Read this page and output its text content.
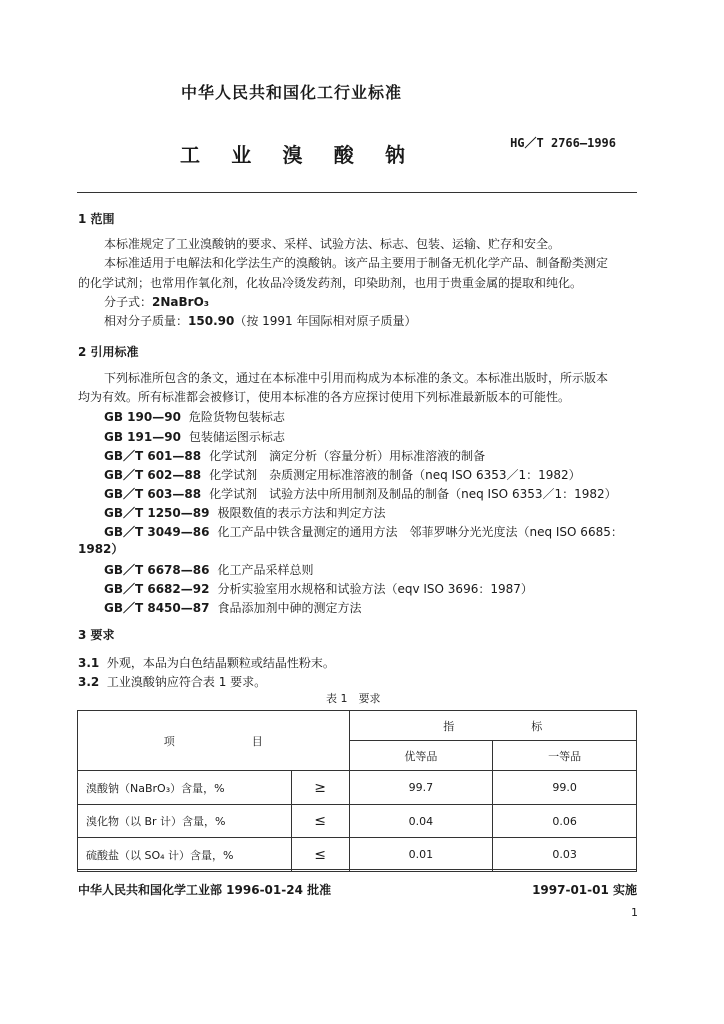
中华人民共和国化工行业标准
HG／T 2766—1996
工 业 溴 酸 钠
1 范围
本标准规定了工业溴酸钠的要求、采样、试验方法、标志、包装、运输、贮存和安全。
本标准适用于电解法和化学法生产的溴酸钠。该产品主要用于制备无机化学产品、制备酚类测定
的化学试剂；也常用作氧化剂，化妆品冷烫发药剂，印染助剂，也用于贵重金属的提取和纯化。
分子式：2NaBrO₃
相对分子质量：150.90（按 1991 年国际相对原子质量）
2 引用标准
下列标准所包含的条文，通过在本标准中引用而构成为本标准的条文。本标准出版时，所示版本
均为有效。所有标准都会被修订，使用本标准的各方应探讨使用下列标准最新版本的可能性。
GB 190—90 危险货物包装标志
GB 191—90 包装储运图示标志
GB／T 601—88 化学试剂　滴定分析（容量分析）用标准溶液的制备
GB／T 602—88 化学试剂　杂质测定用标准溶液的制备（neq ISO 6353／1：1982）
GB／T 603—88 化学试剂　试验方法中所用制剂及制品的制备（neq ISO 6353／1：1982）
GB／T 1250—89 极限数值的表示方法和判定方法
GB／T 3049—86 化工产品中铁含量测定的通用方法　邻菲罗啉分光光度法（neq ISO 6685：
1982）
GB／T 6678—86 化工产品采样总则
GB／T 6682—92 分析实验室用水规格和试验方法（eqv ISO 3696：1987）
GB／T 8450—87 食品添加剂中砷的测定方法
3 要求
3.1 外观，本品为白色结晶颗粒或结晶性粉末。
3.2 工业溴酸钠应符合表 1 要求。
表 1　要求
项　　　　　　　目		指　　　　　　　标	
		优等品	一等品
溴酸钠（NaBrO₃）含量，%	≥	99.7	99.0
溴化物（以 Br 计）含量，%	≤	0.04	0.06
硫酸盐（以 SO₄ 计）含量，%	≤	0.01	0.03
中华人民共和国化学工业部 1996-01-24 批准	1997-01-01 实施
1
